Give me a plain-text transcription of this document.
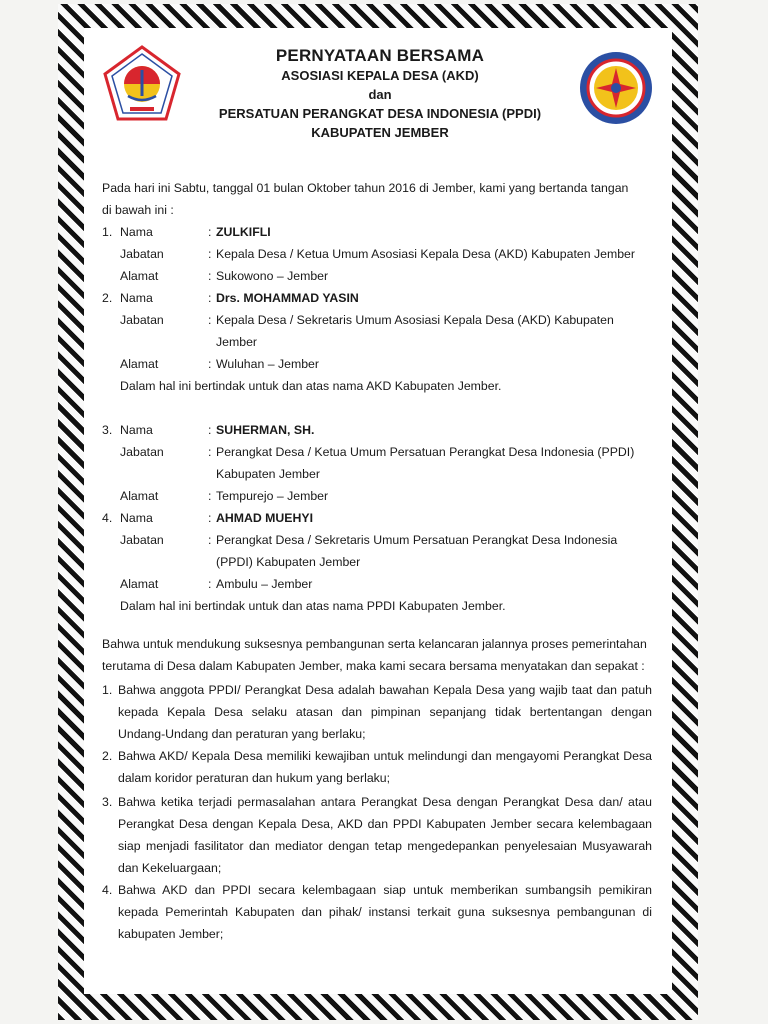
PERNYATAAN BERSAMA
ASOSIASI KEPALA DESA (AKD)
dan
PERSATUAN PERANGKAT DESA INDONESIA (PPDI)
KABUPATEN JEMBER
Pada hari ini Sabtu, tanggal 01 bulan Oktober tahun 2016 di Jember, kami yang bertanda tangan
di bawah ini :
1. Nama	: ZULKIFLI
Jabatan	: Kepala Desa / Ketua Umum Asosiasi Kepala Desa (AKD) Kabupaten Jember
Alamat	: Sukowono – Jember
2. Nama	: Drs. MOHAMMAD YASIN
Jabatan	: Kepala Desa / Sekretaris Umum Asosiasi Kepala Desa (AKD) Kabupaten
Jember
Alamat	: Wuluhan – Jember
Dalam hal ini bertindak untuk dan atas nama AKD Kabupaten Jember.
3. Nama	: SUHERMAN, SH.
Jabatan	: Perangkat Desa / Ketua Umum Persatuan Perangkat Desa Indonesia (PPDI)
Kabupaten Jember
Alamat	: Tempurejo – Jember
4. Nama	: AHMAD MUEHYI
Jabatan	: Perangkat Desa / Sekretaris Umum Persatuan Perangkat Desa Indonesia
(PPDI) Kabupaten Jember
Alamat	: Ambulu – Jember
Dalam hal ini bertindak untuk dan atas nama PPDI Kabupaten Jember.
Bahwa untuk mendukung suksesnya pembangunan serta kelancaran jalannya proses pemerintahan
terutama di Desa dalam Kabupaten Jember, maka kami secara bersama menyatakan dan sepakat :
1. Bahwa anggota PPDI/ Perangkat Desa adalah bawahan Kepala Desa yang wajib taat dan patuh
kepada Kepala Desa selaku atasan dan pimpinan sepanjang tidak bertentangan dengan
Undang-Undang dan peraturan yang berlaku;
2. Bahwa AKD/ Kepala Desa memiliki kewajiban untuk melindungi dan mengayomi Perangkat Desa
dalam koridor peraturan dan hukum yang berlaku;
3. Bahwa ketika terjadi permasalahan antara Perangkat Desa dengan Perangkat Desa dan/ atau
Perangkat Desa dengan Kepala Desa, AKD dan PPDI Kabupaten Jember secara kelembagaan
siap menjadi fasilitator dan mediator dengan tetap mengedepankan penyelesaian Musyawarah
dan Kekeluargaan;
4. Bahwa AKD dan PPDI secara kelembagaan siap untuk memberikan sumbangsih pemikiran
kepada Pemerintah Kabupaten dan pihak/ instansi terkait guna suksesnya pembangunan di
kabupaten Jember;
